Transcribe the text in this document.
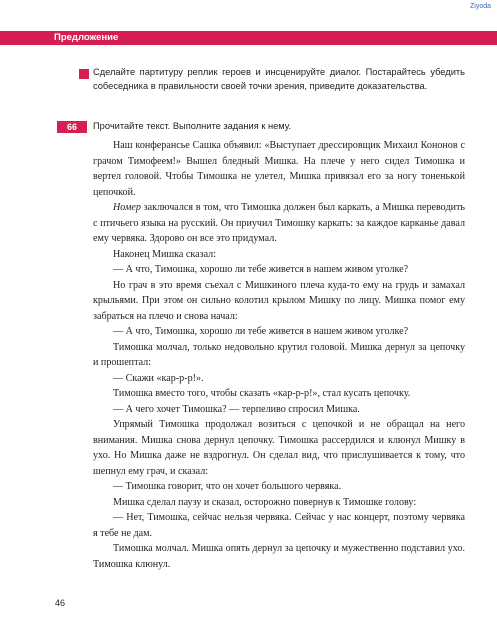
Ziyoda
Предложение
Сделайте партитуру реплик героев и инсценируйте диалог. Постарайтесь убедить собеседника в правильности своей точки зрения, приведите доказательства.
66	Прочитайте текст. Выполните задания к нему.

Наш конферансье Сашка объявил: «Выступает дрессировщик Михаил Кононов с грачом Тимофеем!» Вышел бледный Мишка. На плече у него сидел Тимошка и вертел головой. Чтобы Тимошка не улетел, Мишка привязал его за ногу тоненькой цепочкой.

Номер заключался в том, что Тимошка должен был каркать, а Мишка переводить с птичьего языка на русский. Он приучил Тимошку каркать: за каждое карканье давал ему червяка. Здорово он все это придумал.

Наконец Мишка сказал:

— А что, Тимошка, хорошо ли тебе живется в нашем живом уголке?

Но грач в это время съехал с Мишкиного плеча куда-то ему на грудь и замахал крыльями. При этом он сильно колотил крылом Мишку по лицу. Мишка помог ему забраться на плечо и снова начал:

— А что, Тимошка, хорошо ли тебе живется в нашем живом уголке?

Тимошка молчал, только недовольно крутил головой. Мишка дернул за цепочку и прошептал:

— Скажи «кар-р-р!».

Тимошка вместо того, чтобы сказать «кар-р-р!», стал кусать цепочку.

— А чего хочет Тимошка? — терпеливо спросил Мишка.

Упрямый Тимошка продолжал возиться с цепочкой и не обращал на него внимания. Мишка снова дернул цепочку. Тимошка рассердился и клюнул Мишку в ухо. Но Мишка даже не вздрогнул. Он сделал вид, что прислушивается к тому, что шепнул ему грач, и сказал:

— Тимошка говорит, что он хочет большого червяка.

Мишка сделал паузу и сказал, осторожно повернув к Тимошке голову:

— Нет, Тимошка, сейчас нельзя червяка. Сейчас у нас концерт, поэтому червяка я тебе не дам.

Тимошка молчал. Мишка опять дернул за цепочку и мужественно подставил ухо. Тимошка клюнул.

46
